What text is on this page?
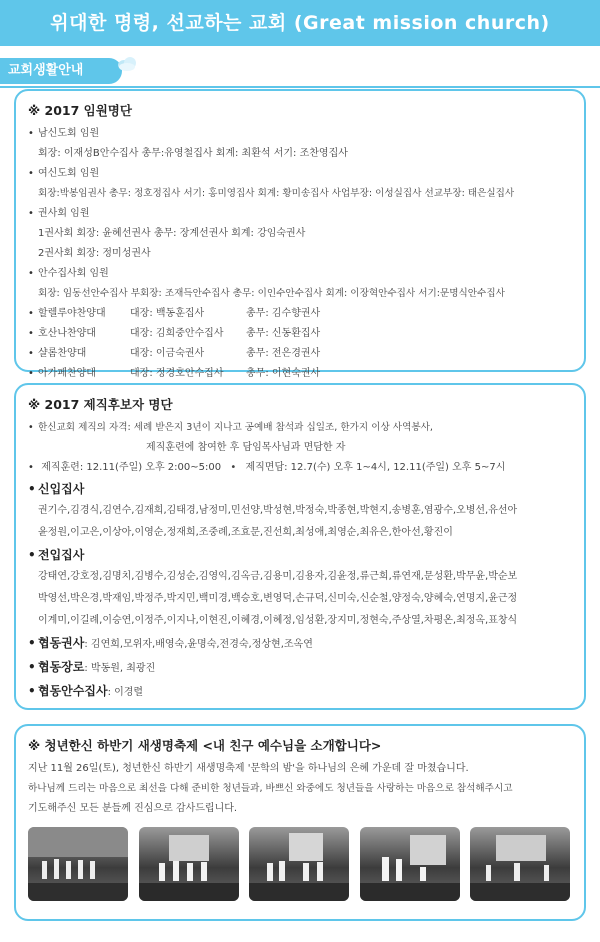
위대한 명령, 선교하는 교회 (Great mission church)
교회생활안내
※ 2017 임원명단
• 남신도회 임원
회장: 이재성B안수집사 총무:유영철집사 회계: 최환석 서기: 조찬영집사
• 여신도회 임원
회장:박봉임권사 총무: 정호정집사 서기: 홍미영집사 회계: 황미송집사 사업부장: 이성실집사 선교부장: 태은실집사
• 권사회 임원
1권사회 회장: 윤혜선권사 총무: 장계선권사 회계: 강임숙권사
2권사회 회장: 정미성권사
• 안수집사회 임원
회장: 임동선안수집사 부회장: 조재득안수집사 총무: 이인수안수집사 회계: 이장혁안수집사 서기:문명식안수집사
• 할렐루야찬양대	대장: 백동훈집사	총무: 김수향권사
• 호산나찬양대	대장: 김희중안수집사	총무: 신동환집사
• 샬롬찬양대	대장: 이금숙권사	총무: 전은경권사
• 아가페찬양대	대장: 정경호안수집사	총무: 이현숙권사
※ 2017 제직후보자 명단
• 한신교회 제직의 자격: 세례 받은지 3년이 지나고 공예배 참석과 십일조, 한가지 이상 사역봉사,
제직훈련에 참여한 후 담임목사님과 면담한 자
• 제직훈련: 12.11(주일) 오후 2:00~5:00 • 제직면담: 12.7(수) 오후 1~4시, 12.11(주일) 오후 5~7시
• 신입집사
권기수,김경식,김연수,김재희,김태경,남정미,민선양,박성현,박정숙,박종현,박현지,송병훈,염광수,오병선,유선아
윤정원,이고은,이상아,이영순,정재희,조중례,조효문,진선희,최성애,최영순,최유은,한아선,황진이
• 전입집사
강태연,강호정,김명치,김병수,김성순,김영익,김옥금,김용미,김용자,김윤정,류근희,류연재,문성환,박무윤,박순보
박영선,박은경,박재임,박정주,박지민,백미경,백승호,변영덕,손규덕,신미숙,신순철,양정숙,양혜숙,연명지,윤근정
이계미,이길례,이승연,이정주,이지나,이현진,이혜경,이혜정,임성환,장지미,정현숙,주상열,차평온,최정옥,표창식
• 협동권사: 김연희,모위자,배영숙,윤명숙,전경숙,정상현,조옥연
• 협동장로: 박동원, 최광진
• 협동안수집사: 이경렬
※ 청년한신 하반기 새생명축제 <내 친구 예수님을 소개합니다>
지난 11월 26일(토), 청년한신 하반기 새생명축제 '문학의 밤'을 하나님의 은혜 가운데 잘 마쳤습니다.
하나님께 드리는 마음으로 최선을 다해 준비한 청년들과, 바쁘신 와중에도 청년들을 사랑하는 마음으로 참석해주시고
기도해주신 모든 분들께 진심으로 감사드립니다.
